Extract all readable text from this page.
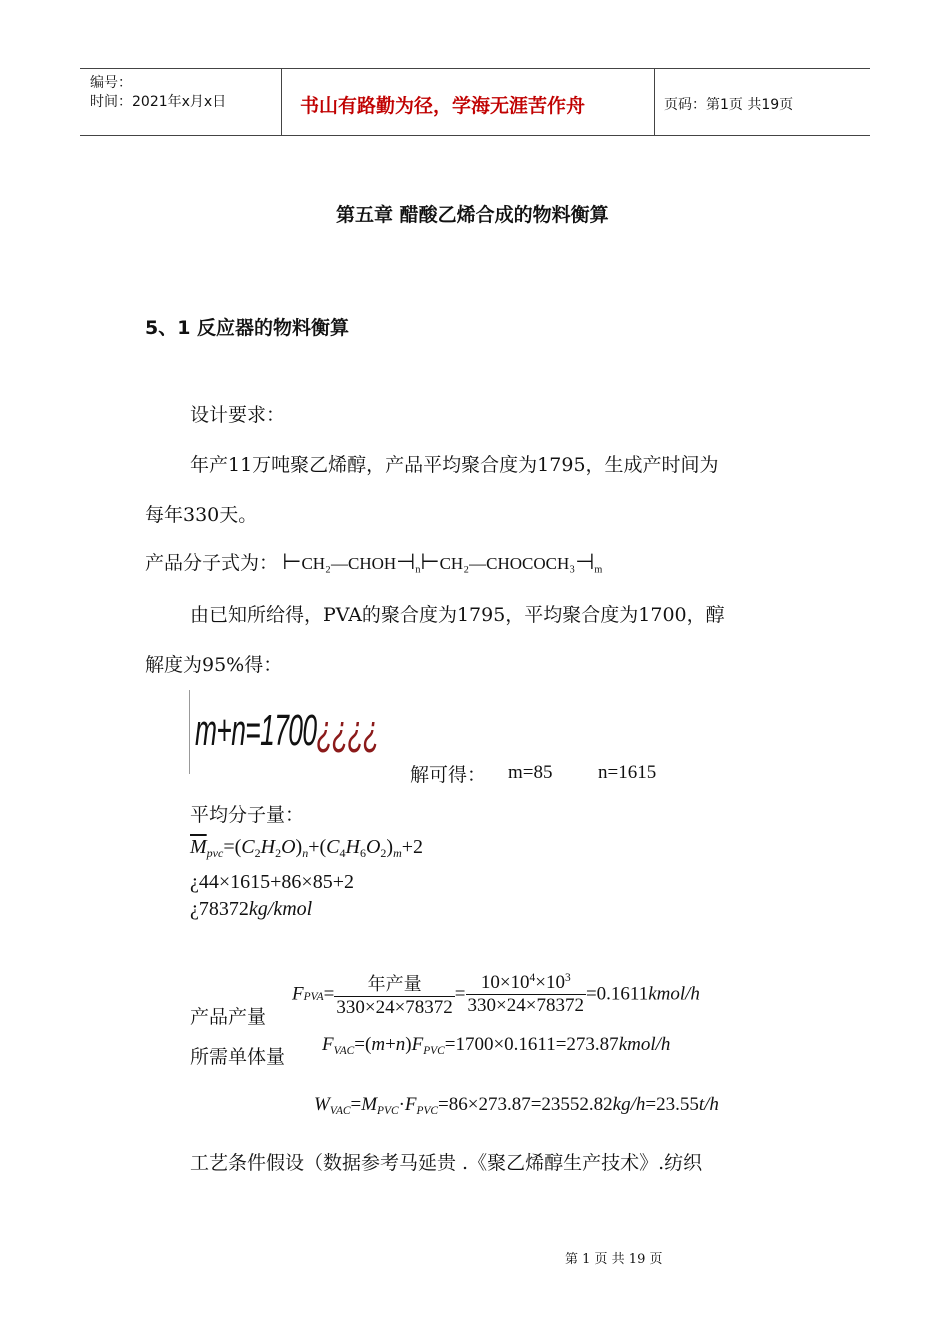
编号：
时间：2021年x月x日	书山有路勤为径，学海无涯苦作舟	页码：第1页 共19页
第五章 醋酸乙烯合成的物料衡算
5、1 反应器的物料衡算
设计要求：
年产11万吨聚乙烯醇，产品平均聚合度为1795，生成产时间为
每年330天。
产品分子式为： $⊢CH_2—CHOH⊣_n⊢CH_2—CHOCOCH_3⊣_m$
由已知所给得，PVA的聚合度为1795，平均聚合度为1700，醇
解度为95%得：
m+n=1700¿¿¿¿
解可得： m=85 n=1615
平均分子量：
$\overline{M}_{pvc}=(C_2H_2O)_n+(C_4H_6O_2)_m+2$
¿44×1615+86×85+2
¿78372kg/kmol
产品产量
$F_{PVA}= \frac{\text{年产量}}{330\times 24\times 78372} = \frac{10\times 10^4\times 10^3}{330\times 24\times 78372}$ =0.1611kmol/h
所需单体量
$F_{VAC}=(m+n)F_{PVC}=1700\times 0.1611=273.87kmol/h$
$W_{VAC}=M_{PVC}\cdot F_{PVC}=86\times 273.87=23552.82kg/h=23.55t/h$
工艺条件假设（数据参考马延贵 .《聚乙烯醇生产技术》.纺织
第 1 页 共 19 页
